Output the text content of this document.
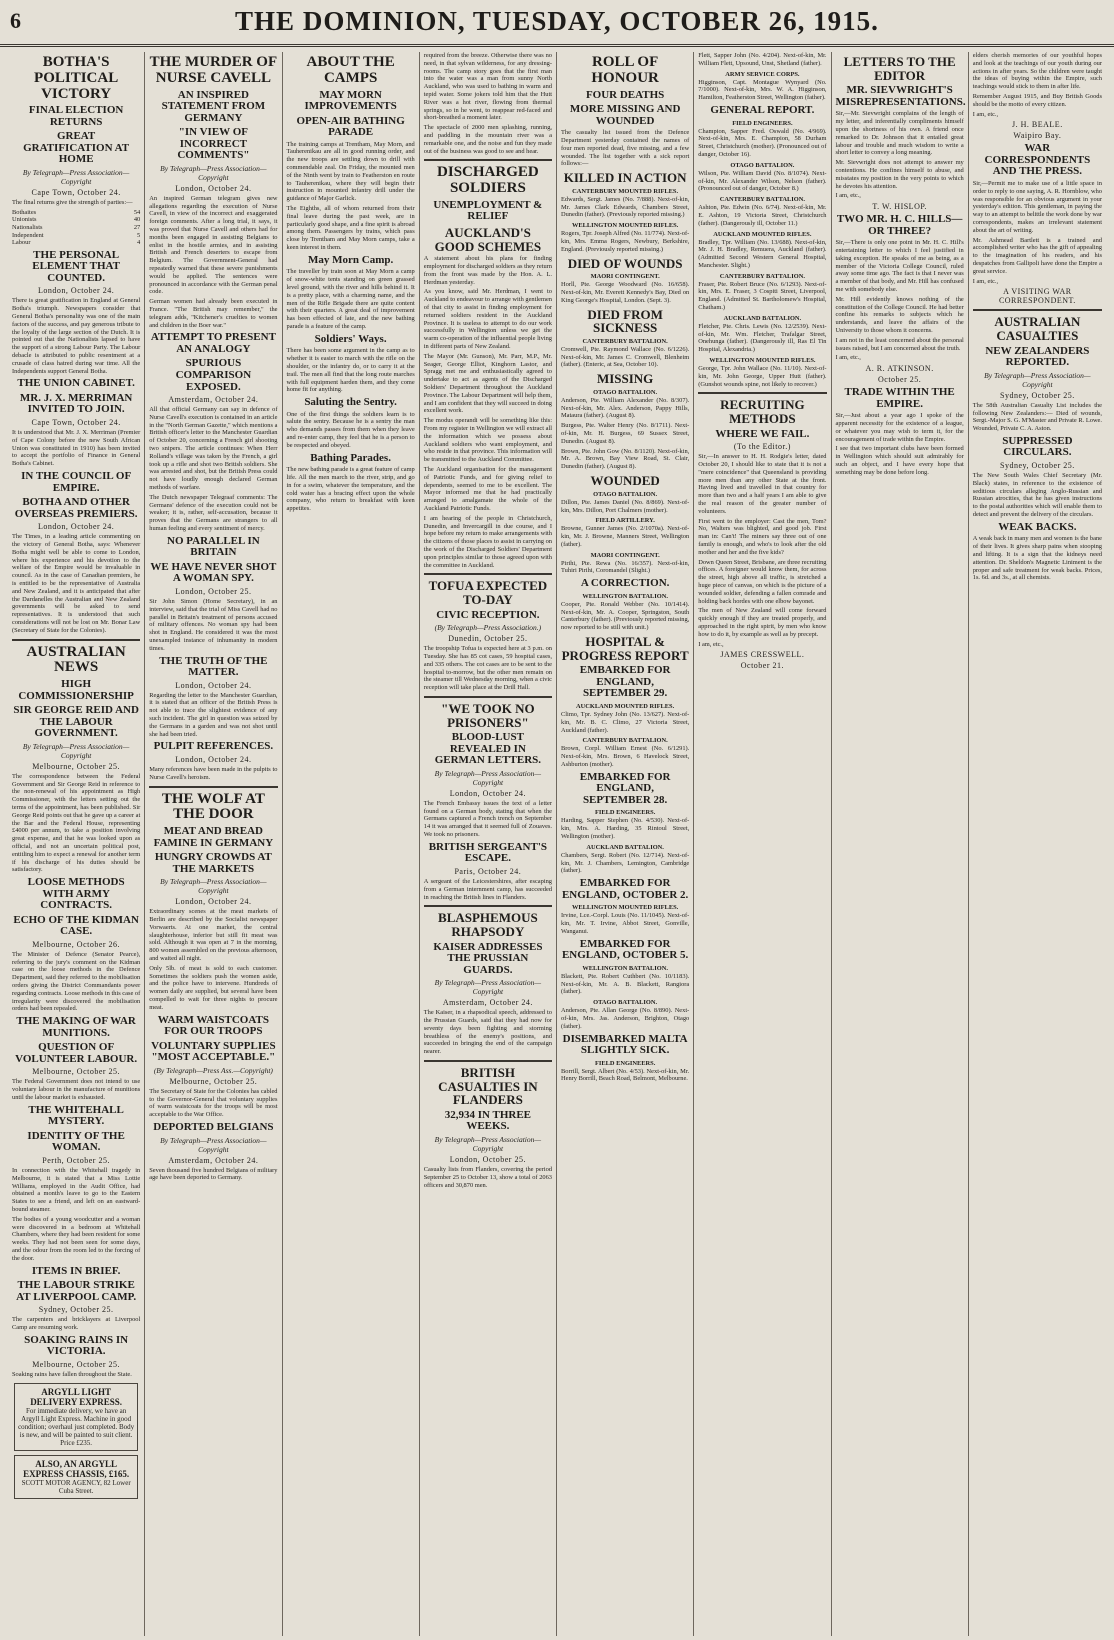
6	THE DOMINION, TUESDAY, OCTOBER 26, 1915.
BOTHA'S POLITICAL VICTORY
FINAL ELECTION RETURNS
GREAT GRATIFICATION AT HOME
By Telegraph—Press Association—Copyright
Cape Town, October 24.

The final returns give the strength of parties:—

Bothaites	54
Unionists	40
Nationalists	27
Independent	5
Labour	4
THE PERSONAL ELEMENT THAT COUNTED.
London, October 24.

There is great gratification in England at General Botha's triumph. Newspapers consider that General Botha's personality was one of the main factors of the success, and pay generous tribute to the loyalty of the large section of the Dutch. It is pointed out that the Nationalists lapsed to have the support of a strong Labour Party. The Labour debacle is attributed to public resentment at a crusade of class hatred during war time. All the Independents support General Botha.

THE UNION CABINET.
MR. J. X. MERRIMAN INVITED TO JOIN.
Cape Town, October 24.

It is understood that Mr. J. X. Merriman (Premier of Cape Colony before the new South African Union was constituted in 1910) has been invited to accept the portfolio of Finance in General Botha's Cabinet.

IN THE COUNCIL OF EMPIRE.
BOTHA AND OTHER OVERSEAS PREMIERS.
London, October 24.

The Times, in a leading article commenting on the victory of General Botha, says: Whenever Botha might well be able to come to London, where his experience and his devotion to the welfare of the Empire would be invaluable in council. As in the case of Canadian premiers, he is entitled to be the representative of Australia and New Zealand, and it is anticipated that after the Dardanelles the Australian and New Zealand governments will be asked to send representatives. It is understood that such considerations will not be lost on Mr. Bonar Law (Secretary of State for the Colonies).

AUSTRALIAN NEWS
HIGH COMMISSIONERSHIP
SIR GEORGE REID AND THE LABOUR GOVERNMENT.
By Telegraph—Press Association—Copyright
Melbourne, October 25.

The correspondence between the Federal Government and Sir George Reid in reference to the non-renewal of his appointment as High Commissioner, with the letters setting out the terms of the appointment, has been published. Sir George Reid points out that he gave up a career at the Bar and the Federal House, representing £4000 per annum, to take a position involving great expense, and that he was looked upon as official, and not an uncertain political post, entitling him to expect a renewal for another term if his discharge of his duties should be satisfactory.

LOOSE METHODS WITH ARMY CONTRACTS.
ECHO OF THE KIDMAN CASE.
Melbourne, October 26.

The Minister of Defence (Senator Pearce), referring to the jury's comment on the Kidman case on the loose methods in the Defence Department, said they referred to the mobilisation orders giving the District Commandants power regarding contracts. Loose methods in this case of irregularity were discovered the mobilisation orders had been repealed.

THE MAKING OF WAR MUNITIONS.
QUESTION OF VOLUNTEER LABOUR.
Melbourne, October 25.

The Federal Government does not intend to use voluntary labour in the manufacture of munitions until the labour market is exhausted.

THE WHITEHALL MYSTERY.
IDENTITY OF THE WOMAN.
Perth, October 25.

In connection with the Whitehall tragedy in Melbourne, it is stated that a Miss Lottie Williams, employed in the Audit Office, had obtained a month's leave to go to the Eastern States to see a friend, and left on an eastward-bound steamer.

The bodies of a young woodcutter and a woman were discovered in a bedroom at Whitehall Chambers, where they had been resident for some weeks. They had not been seen for some days, and the odour from the room led to the forcing of the door.

ITEMS IN BRIEF.
THE LABOUR STRIKE AT LIVERPOOL CAMP.
Sydney, October 25.

The carpenters and bricklayers at Liverpool Camp are resuming work.

SOAKING RAINS IN VICTORIA.
Melbourne, October 25.

Soaking rains have fallen throughout the State.

ARGYLL LIGHT DELIVERY EXPRESS.
For immediate delivery, we have an Argyll Light Express. Machine in good condition; overhaul just completed. Body is new, and will be painted to suit client. Price £235.
ALSO, AN ARGYLL EXPRESS CHASSIS, £165.
SCOTT MOTOR AGENCY, 82 Lower Cuba Street.
THE MURDER OF NURSE CAVELL
AN INSPIRED STATEMENT FROM GERMANY
"IN VIEW OF INCORRECT COMMENTS"
By Telegraph—Press Association—Copyright
London, October 24.

An inspired German telegram gives new allegations regarding the execution of Nurse Cavell, in view of the incorrect and exaggerated foreign comments. After a long trial, it says, it was proved that Nurse Cavell and others had for months been engaged in assisting Belgians to enlist in the hostile armies, and in assisting British and French deserters to escape from Belgium. The Government-General had repeatedly warned that these severe punishments would be applied. The sentences were pronounced in accordance with the German penal code.

German women had already been executed in France. "The British may remember," the telegram adds, "Kitchener's cruelties to women and children in the Boer war."

ATTEMPT TO PRESENT AN ANALOGY
SPURIOUS COMPARISON EXPOSED.
Amsterdam, October 24.

All that official Germany can say in defence of Nurse Cavell's execution is contained in an article in the "North German Gazette," which mentions a British officer's letter to the Manchester Guardian of October 20, concerning a French girl shooting two snipers. The article continues: When Herr Rolland's village was taken by the French, a girl took up a rifle and shot two British soldiers. She was arrested and shot, but the British Press could not have loudly enough declared German methods of warfare.

The Dutch newspaper Telegraaf comments: The Germans' defence of the execution could not be weaker; it is, rather, self-accusation, because it proves that the Germans are strangers to all human feeling and every sentiment of mercy.

NO PARALLEL IN BRITAIN
WE HAVE NEVER SHOT A WOMAN SPY.
London, October 25.

Sir John Simon (Home Secretary), in an interview, said that the trial of Miss Cavell had no parallel in Britain's treatment of persons accused of military offences. No woman spy had been shot in England. He considered it was the most unexampled instance of inhumanity in modern times.

THE TRUTH OF THE MATTER.
London, October 24.

Regarding the letter to the Manchester Guardian, it is stated that an officer of the British Press is not able to trace the slightest evidence of any such incident. The girl in question was seized by the Germans in a garden and was not shot until she had been tried.

PULPIT REFERENCES.
London, October 24.

Many references have been made in the pulpits to Nurse Cavell's heroism.

THE WOLF AT THE DOOR
MEAT AND BREAD FAMINE IN GERMANY
HUNGRY CROWDS AT THE MARKETS
By Telegraph—Press Association—Copyright
London, October 24.

Extraordinary scenes at the meat markets of Berlin are described by the Socialist newspaper Vorwaerts. At one market, the central slaughterhouse, inferior but still fit meat was sold. Although it was open at 7 in the morning, 800 women assembled on the previous afternoon, and waited all night.

Only 5lb. of meat is sold to each customer. Sometimes the soldiers push the women aside, and the police have to intervene. Hundreds of women daily are supplied, but several have been compelled to wait for three nights to procure meat.

WARM WAISTCOATS FOR OUR TROOPS
VOLUNTARY SUPPLIES "MOST ACCEPTABLE."
(By Telegraph—Press Ass.—Copyright)
Melbourne, October 25.

The Secretary of State for the Colonies has cabled to the Governor-General that voluntary supplies of warm waistcoats for the troops will be most acceptable to the War Office.

DEPORTED BELGIANS
By Telegraph—Press Association—Copyright
Amsterdam, October 24.

Seven thousand five hundred Belgians of military age have been deported to Germany.

ABOUT THE CAMPS
MAY MORN IMPROVEMENTS
OPEN-AIR BATHING PARADE

The training camps at Trentham, May Morn, and Tauherenikau are all in good running order, and the new troops are settling down to drill with commendable zeal. On Friday, the mounted men of the Ninth went by train to Featherston en route to Tauherenikau, where they will begin their instruction in mounted infantry drill under the guidance of Major Garlick.

The Eighths, all of whom returned from their final leave during the past week, are in particularly good shape, and a fine spirit is abroad among them. Passengers by trains, which pass close by Trentham and May Morn camps, take a keen interest in them.

May Morn Camp.

The traveller by train soon at May Morn a camp of snow-white tents standing on green grassed level ground, with the river and hills behind it. It is a pretty place, with a charming name, and the men of the Rifle Brigade there are quite content with their quarters. A great deal of improvement has been effected of late, and the new bathing parade is a feature of the camp.

Soldiers' Ways.

There has been some argument in the camp as to whether it is easier to march with the rifle on the shoulder, or the infantry do, or to carry it at the trail. The men all find that the long route marches with full equipment harden them, and they come home fit for anything.

Saluting the Sentry.

One of the first things the soldiers learn is to salute the sentry. Because he is a sentry the man who demands passes from them when they leave and re-enter camp, they feel that he is a person to be respected and obeyed.

Bathing Parades.

The new bathing parade is a great feature of camp life. All the men march to the river, strip, and go in for a swim, whatever the temperature, and the cold water has a bracing effect upon the whole company, who return to breakfast with keen appetites.

required from the breeze. Otherwise there was no need, in that sylvan wilderness, for any dressing-rooms. The camp story goes that the first man into the water was a man from sunny North Auckland, who was used to bathing in warm and tepid water. Some jokers told him that the Hutt River was a hot river, flowing from thermal springs, so in he went, to reappear red-faced and short-breathed a moment later.

The spectacle of 2000 men splashing, running, and paddling in the mountain river was a remarkable one, and the noise and fun they made out of the business was good to see and hear.

DISCHARGED SOLDIERS
UNEMPLOYMENT & RELIEF
AUCKLAND'S GOOD SCHEMES

A statement about his plans for finding employment for discharged soldiers as they return from the front was made by the Hon. A. L. Herdman yesterday.

As you know, said Mr. Herdman, I went to Auckland to endeavour to arrange with gentlemen of that city to assist in finding employment for returned soldiers resident in the Auckland Province. It is useless to attempt to do our work successfully in Wellington unless we get the warm co-operation of the influential people living in different parts of New Zealand.

The Mayor (Mr. Gunson), Mr. Parr, M.P., Mr. Seager, George Elliot, Kinghorn Lastor, and Spragg met me and enthusiastically agreed to undertake to act as agents of the Discharged Soldiers' Department throughout the Auckland Province. The Labour Department will help them, and I am confident that they will succeed in doing excellent work.

The modus operandi will be something like this: From my register in Wellington we will extract all the information which we possess about Auckland soldiers who want employment, and who reside in that province. This information will be transmitted to the Auckland Committee.

The Auckland organisation for the management of Patriotic Funds, and for giving relief to dependents, seemed to me to be excellent. The Mayor informed me that he had practically arranged to amalgamate the whole of the Auckland Patriotic Funds.

I am hearing of the people in Christchurch, Dunedin, and Invercargill in due course, and I hope before my return to make arrangements with the citizens of those places to assist in carrying on the work of the Discharged Soldiers' Department upon principles similar to those agreed upon with the committee in Auckland.

TOFUA EXPECTED TO-DAY
CIVIC RECEPTION.
(By Telegraph—Press Association.)
Dunedin, October 25.

The troopship Tofua is expected here at 3 p.m. on Tuesday. She has 85 cot cases, 59 hospital cases, and 335 others. The cot cases are to be sent to the hospital to-morrow, but the other men remain on the steamer till Wednesday morning, when a civic reception will take place at the Drill Hall.

"WE TOOK NO PRISONERS"
BLOOD-LUST REVEALED IN GERMAN LETTERS.
By Telegraph—Press Association—Copyright
London, October 24.

The French Embassy issues the text of a letter found on a German body, stating that when the Germans captured a French trench on September 14 it was arranged that it seemed full of Zouaves. We took no prisoners.

BRITISH SERGEANT'S ESCAPE.
Paris, October 24.

A sergeant of the Leicestershires, after escaping from a German internment camp, has succeeded in reaching the British lines in Flanders.

BLASPHEMOUS RHAPSODY
KAISER ADDRESSES THE PRUSSIAN GUARDS.
By Telegraph—Press Association—Copyright
Amsterdam, October 24.

The Kaiser, in a rhapsodical speech, addressed to the Prussian Guards, said that they had now for seventy days been fighting and storming breathless of the enemy's positions, and succeeded in bringing the end of the campaign nearer.

BRITISH CASUALTIES IN FLANDERS
32,934 IN THREE WEEKS.
By Telegraph—Press Association—Copyright
London, October 25.

Casualty lists from Flanders, covering the period September 25 to October 13, show a total of 2063 officers and 30,870 men.

ROLL OF HONOUR
FOUR DEATHS
MORE MISSING AND WOUNDED

The casualty list issued from the Defence Department yesterday contained the names of four men reported dead, five missing, and a few wounded. The list together with a sick report follows:—

KILLED IN ACTION
CANTERBURY MOUNTED RIFLES.

Edwards, Sergt. James (No. 7/888). Next-of-kin, Mr. James Clark Edwards, Chambers Street, Dunedin (father). (Previously reported missing.)

WELLINGTON MOUNTED RIFLES.

Rogers, Tpr. Joseph Alfred (No. 11/774). Next-of-kin, Mrs. Emma Rogers, Newbury, Berkshire, England. (Previously reported missing.)

DIED OF WOUNDS
MAORI CONTINGENT.

Horll, Pte. George Woodward (No. 16/658). Next-of-kin, Mr. Everett Kennedy's Bay, Died on King George's Hospital, London. (Sept. 3).

DIED FROM SICKNESS
CANTERBURY BATTALION.

Cromwell, Pte. Raymond Wallace (No. 6/1226). Next-of-kin, Mr. James C. Cromwell, Blenheim (father). (Enteric, at Sea, October 10).

MISSING
OTAGO BATTALION.

Anderson, Pte. William Alexander (No. 8/307). Next-of-kin, Mr. Alex. Anderson, Pappy Hills, Mataura (father). (August 8).

Burgess, Pte. Walter Henry (No. 8/1711). Next-of-kin, Mr. H. Burgess, 69 Sussex Street, Dunedin. (August 8).

Brown, Pte. John Gow (No. 8/1120). Next-of-kin, Mr. A. Brown, Bay View Road, St. Clair, Dunedin (father). (August 8).

WOUNDED
OTAGO BATTALION.

Dillon, Pte. James Daniel (No. 8/869). Next-of-kin, Mrs. Dillon, Port Chalmers (mother).

FIELD ARTILLERY.

Browne, Gunner James (No. 2/1070a). Next-of-kin, Mr. J. Browne, Manners Street, Wellington (father).

MAORI CONTINGENT.

Pirihi, Pte. Rewa (No. 16/357). Next-of-kin, Tuhiri Pirihi, Coromandel (Slight.)

A CORRECTION.
WELLINGTON BATTALION.

Cooper, Pte. Ronald Webber (No. 10/1414). Next-of-kin, Mr. A. Cooper, Springston, South Canterbury (father). (Previously reported missing, now reported to be still with unit.)

HOSPITAL & PROGRESS REPORT
EMBARKED FOR ENGLAND, SEPTEMBER 29.
AUCKLAND MOUNTED RIFLES.

Climo, Tpr. Sydney John (No. 13/627). Next-of-kin, Mr. B. C. Climo, 27 Victoria Street, Auckland (father).

CANTERBURY BATTALION.

Brown, Corpl. William Ernest (No. 6/1291). Next-of-kin, Mrs. Brown, 6 Havelock Street, Ashburton (mother).

EMBARKED FOR ENGLAND, SEPTEMBER 28.
FIELD ENGINEERS.

Harding, Sapper Stephen (No. 4/530). Next-of-kin, Mrs. A. Harding, 35 Rintoul Street, Wellington (mother).

AUCKLAND BATTALION.

Chambers, Sergt. Robert (No. 12/714). Next-of-kin, Mr. J. Chambers, Lemington, Cambridge (father).

EMBARKED FOR ENGLAND, OCTOBER 2.
WELLINGTON MOUNTED RIFLES.

Irvine, Lce.-Corpl. Louis (No. 11/1045). Next-of-kin, Mr. T. Irvine, Abbot Street, Gonville, Wanganui.

EMBARKED FOR ENGLAND, OCTOBER 5.
WELLINGTON BATTALION.

Blackett, Pte. Robert Cuthbert (No. 10/1183). Next-of-kin, Mr. A. B. Blackett, Rangiora (father).

OTAGO BATTALION.

Anderson, Pte. Allan George (No. 8/890). Next-of-kin, Mrs. Jas. Anderson, Brighton, Otago (father).

DISEMBARKED MALTA SLIGHTLY SICK.
FIELD ENGINEERS.

Borrill, Sergt. Albert (No. 4/53). Next-of-kin, Mr. Henry Borrill, Beach Road, Belmont, Melbourne.

Flett, Sapper John (No. 4/204). Next-of-kin, Mr. William Flett, Upsound, Unst, Shetland (father).

ARMY SERVICE CORPS.

Higginson, Capt. Montague Wynyard (No. 7/1000). Next-of-kin, Mrs. W. A. Higginson, Hamilton, Featherston Street, Wellington (father).

GENERAL REPORT.
FIELD ENGINEERS.

Champion, Sapper Fred. Oswald (No. 4/969). Next-of-kin, Mrs. E. Champion, 58 Durham Street, Christchurch (mother). (Pronounced out of danger, October 16).

OTAGO BATTALION.

Wilson, Pte. William David (No. 8/1074). Next-of-kin, Mr. Alexander Wilson, Nelson (father). (Pronounced out of danger, October 8.)

CANTERBURY BATTALION.

Ashton, Pte. Edwin (No. 6/74). Next-of-kin, Mr. E. Ashton, 19 Victoria Street, Christchurch (father). (Dangerously ill, October 11.)

AUCKLAND MOUNTED RIFLES.

Bradley, Tpr. William (No. 13/688). Next-of-kin, Mr. J. H. Bradley, Remuera, Auckland (father). (Admitted Second Western General Hospital, Manchester. Slight.)

CANTERBURY BATTALION.

Fraser, Pte. Robert Bruce (No. 6/1293). Next-of-kin, Mrs. E. Fraser, 3 Cospiti Street, Liverpool, England. (Admitted St. Bartholomew's Hospital, Chatham.)

AUCKLAND BATTALION.

Fletcher, Pte. Chris. Lewis (No. 12/2539). Next-of-kin, Mr. Wm. Fletcher, Trafalgar Street, Onehunga (father). (Dangerously ill, Ras El Tin Hospital, Alexandria.)

WELLINGTON MOUNTED RIFLES.

George, Tpr. John Wallace (No. 11/10). Next-of-kin, Mr. John George, Upper Hutt (father). (Gunshot wounds spine, not likely to recover.)

RECRUITING METHODS
WHERE WE FAIL.
(To the Editor.)

Sir,—In answer to H. H. Rodgie's letter, dated October 20, I should like to state that it is not a "mere coincidence" that Queensland is providing more men than any other State at the front. Having lived and travelled in that country for more than two and a half years I am able to give the real reason of the greater number of volunteers.

First went to the employer: Cast the men, Tom? No, Walters was blighted, and good job. First man in: Can't! The miners say three out of one family is enough, and who's to look after the old mother and her and the five kids?

Down Queen Street, Brisbane, are three recruiting offices. A foreigner would know them, for across the street, high above all traffic, is stretched a huge piece of canvas, on which is the picture of a wounded soldier, defending a fallen comrade and holding back hordes with one elbow bayonet.

The men of New Zealand will come forward quickly enough if they are treated properly, and approached in the right spirit, by men who know how to do it, by example as well as by precept.

I am, etc.,

JAMES CRESSWELL.
October 21.
LETTERS TO THE EDITOR
MR. SIEVWRIGHT'S MISREPRESENTATIONS.

Sir,—Mr. Sievwright complains of the length of my letter, and inferentially compliments himself upon the shortness of his own. A friend once remarked to Dr. Johnson that it entailed great labour and trouble and much wisdom to write a short letter to convey a long meaning.

Mr. Sievwright does not attempt to answer my contentions. He confines himself to abuse, and misstates my position in the very points to which he devotes his attention.

I am, etc.,

T. W. HISLOP.
TWO MR. H. C. HILLS—OR THREE?

Sir,—There is only one point in Mr. H. C. Hill's entertaining letter to which I feel justified in taking exception. He speaks of me as being, as a member of the Victoria College Council, ruled away some time ago. The fact is that I never was a member of that body, and Mr. Hill has confused me with somebody else.

Mr. Hill evidently knows nothing of the constitution of the College Council. He had better confine his remarks to subjects which he understands, and leave the affairs of the University to those whom it concerns.

I am not in the least concerned about the personal issues raised, but I am concerned about the truth.

I am, etc.,

A. R. ATKINSON.
October 25.
TRADE WITHIN THE EMPIRE.

Sir,—Just about a year ago I spoke of the apparent necessity for the existence of a league, or whatever you may wish to term it, for the encouragement of trade within the Empire.

I see that two important clubs have been formed in Wellington which should suit admirably for such an object, and I have every hope that something may be done before long.

elders cherish memories of our youthful hopes and look at the teachings of our youth during our actions in after years. So the children were taught the ideas of buying within the Empire, such teachings would stick to them in after life.

Remember August 1915, and Buy British Goods should be the motto of every citizen.

I am, etc.,

J. H. BEALE.
Waipiro Bay.
WAR CORRESPONDENTS AND THE PRESS.

Sir,—Permit me to make use of a little space in order to reply to one saying, A. R. Hornblow, who was responsible for an obvious argument in your yesterday's edition. This gentleman, in paying the way to an attempt to belittle the work done by war correspondents, makes an irrelevant statement about the art of writing.

Mr. Ashmead Bartlett is a trained and accomplished writer who has the gift of appealing to the imagination of his readers, and his despatches from Gallipoli have done the Empire a great service.

I am, etc.,

A VISITING WAR CORRESPONDENT.
AUSTRALIAN CASUALTIES
NEW ZEALANDERS REPORTED.
By Telegraph—Press Association—Copyright
Sydney, October 25.

The 58th Australian Casualty List includes the following New Zealanders:— Died of wounds, Sergt.-Major S. G. M'Master and Private R. Lowe. Wounded, Private C. A. Aston.

SUPPRESSED CIRCULARS.
Sydney, October 25.

The New South Wales Chief Secretary (Mr. Black) states, in reference to the existence of seditious circulars alleging Anglo-Russian and Russian atrocities, that he has given instructions to the postal authorities which will enable them to detect and prevent the delivery of the circulars.

WEAK BACKS.

A weak back in many men and women is the bane of their lives. It gives sharp pains when stooping and lifting. It is a sign that the kidneys need attention. Dr. Sheldon's Magnetic Liniment is the proper and safe treatment for weak backs. Prices, 1s. 6d. and 3s., at all chemists.
